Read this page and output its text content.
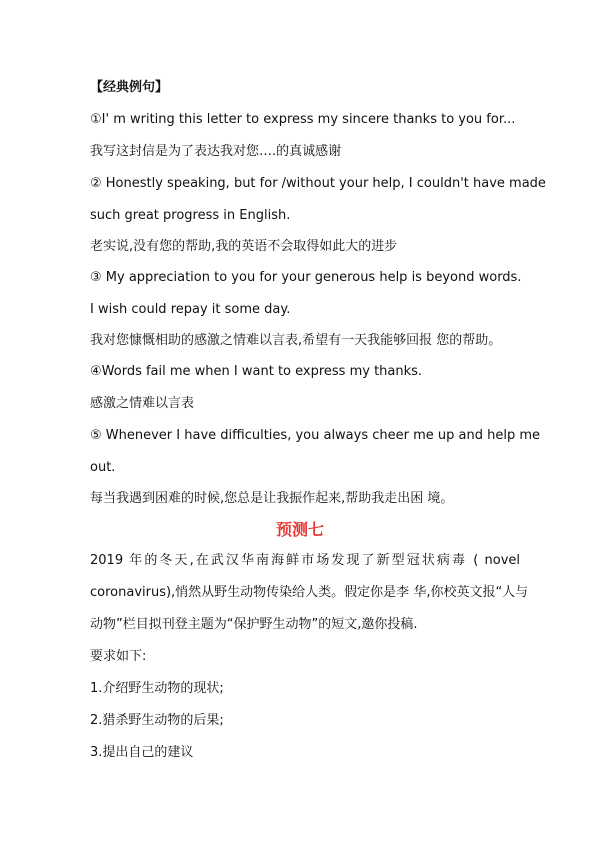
【经典例句】
①I' m writing this letter to express my sincere thanks to you for...
我写这封信是为了表达我对您….的真诚感谢
② Honestly speaking, but for /without your help, I couldn't have made
such great progress in English.
老实说,没有您的帮助,我的英语不会取得如此大的进步
③ My appreciation to you for your generous help is beyond words.
I wish could repay it some day.
我对您慷慨相助的感激之情难以言表,希望有一天我能够回报 您的帮助。
④Words fail me when I want to express my thanks.
感激之情难以言表
⑤ Whenever I have difficulties, you always cheer me up and help me
out.
每当我遇到困难的时候,您总是让我振作起来,帮助我走出困 境。
预测七
2019 年的冬天,在武汉华南海鲜市场发现了新型冠状病毒 ( novel
coronavirus),悄然从野生动物传染给人类。假定你是李 华,你校英文报“人与
动物”栏目拟刊登主题为“保护野生动物”的短文,邀你投稿.
要求如下:
1.介绍野生动物的现状;
2.猎杀野生动物的后果;
3.提出自己的建议
